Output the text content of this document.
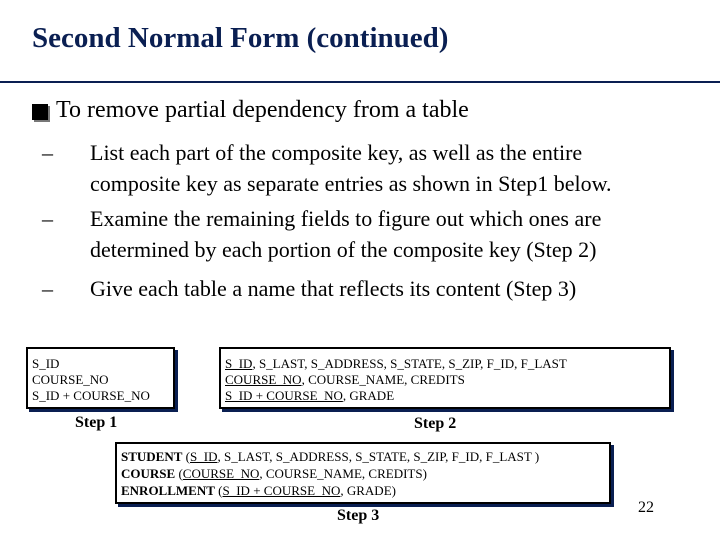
Second Normal Form (continued)
To remove partial dependency from a table
– List each part of the composite key, as well as the entire
composite key as separate entries as shown in Step1 below.
– Examine the remaining fields to figure out which ones are
determined by each portion of the composite key (Step 2)
– Give each table a name that reflects its content (Step 3)
S_ID
COURSE_NO
S_ID + COURSE_NO
Step 1
S_ID, S_LAST, S_ADDRESS, S_STATE, S_ZIP, F_ID, F_LAST
COURSE_NO, COURSE_NAME, CREDITS
S_ID + COURSE_NO, GRADE
Step 2
STUDENT (S_ID, S_LAST, S_ADDRESS, S_STATE, S_ZIP, F_ID, F_LAST )
COURSE (COURSE_NO, COURSE_NAME, CREDITS)
ENROLLMENT (S_ID + COURSE_NO, GRADE)
Step 3	22
